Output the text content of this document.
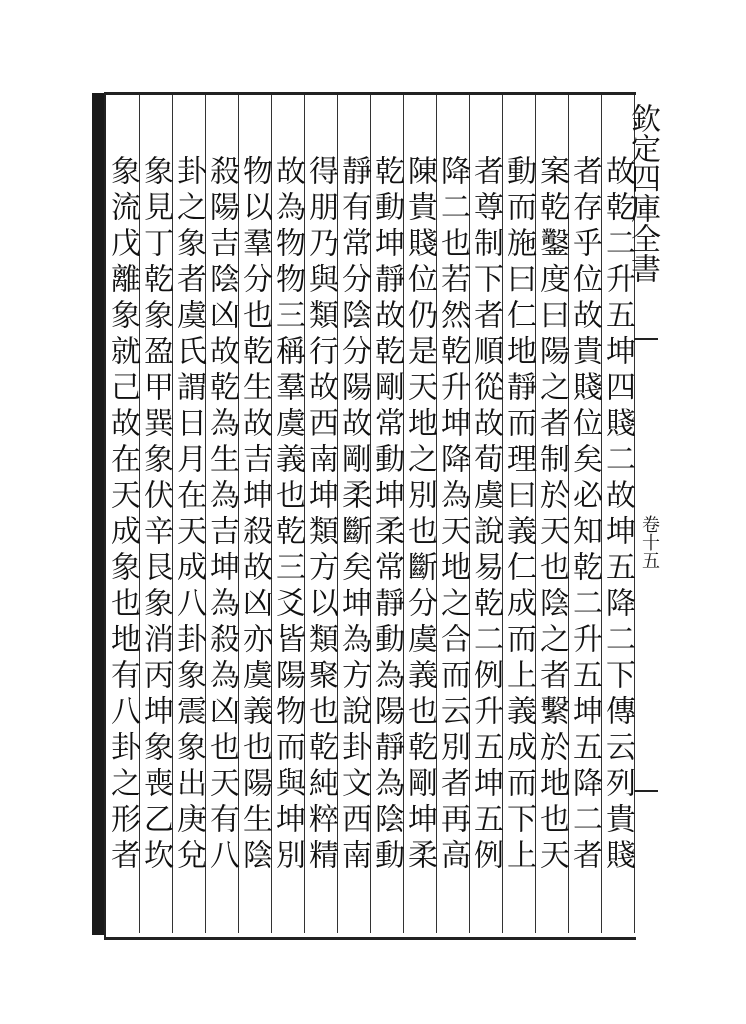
故乾二升五坤四賤二故坤五降二下傳云列貴賤
者存乎位故貴賤位矣必知乾二升五坤五降二者
案乾鑿度曰陽之者制於天也陰之者繫於地也天
動而施曰仁地靜而理曰義仁成而上義成而下上
者尊制下者順從故荀虞說易乾二例升五坤五例
降二也若然乾升坤降為天地之合而云別者再高
陳貴賤位仍是天地之別也斷分虞義也乾剛坤柔
乾動坤靜故乾剛常動坤柔常靜動為陽靜為陰動
靜有常分陰分陽故剛柔斷矣坤為方說卦文西南
得朋乃與類行故西南坤類方以類聚也乾純粹精
故為物物三稱羣虞義也乾三爻皆陽物而與坤別
物以羣分也乾生故吉坤殺故凶亦虞義也陽生陰
殺陽吉陰凶故乾為生為吉坤為殺為凶也天有八
卦之象者虞氏謂日月在天成八卦象震象出庚兌
象見丁乾象盈甲巽象伏辛艮象消丙坤象喪乙坎
象流戊離象就己故在天成象也地有八卦之形者	欽定四庫全書
卷十五
